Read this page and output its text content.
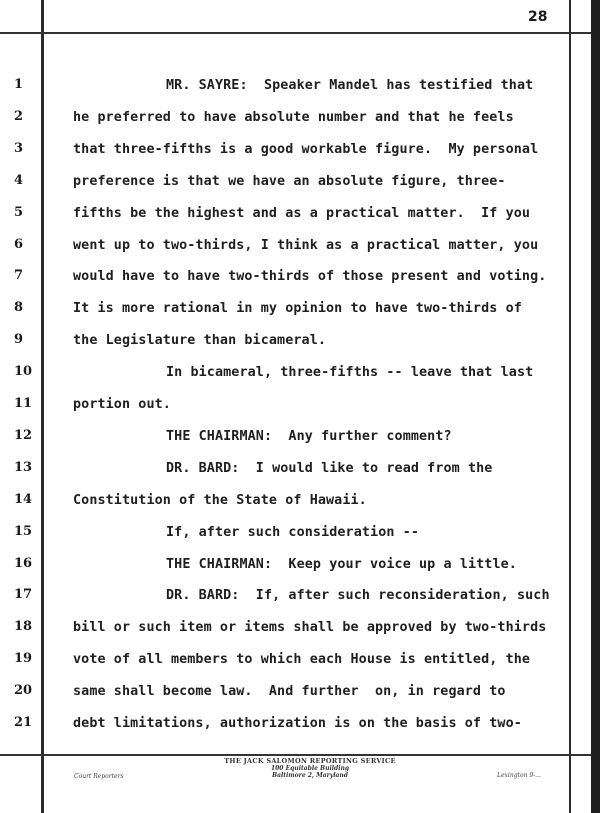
28
1	MR. SAYRE:  Speaker Mandel has testified that
2	he preferred to have absolute number and that he feels
3	that three-fifths is a good workable figure.  My personal
4	preference is that we have an absolute figure, three-
5	fifths be the highest and as a practical matter.  If you
6	went up to two-thirds, I think as a practical matter, you
7	would have to have two-thirds of those present and voting.
8	It is more rational in my opinion to have two-thirds of
9	the Legislature than bicameral.
10	In bicameral, three-fifths -- leave that last
11	portion out.
12	THE CHAIRMAN:  Any further comment?
13	DR. BARD:  I would like to read from the
14	Constitution of the State of Hawaii.
15	If, after such consideration --
16	THE CHAIRMAN:  Keep your voice up a little.
17	DR. BARD:  If, after such reconsideration, such
18	bill or such item or items shall be approved by two-thirds
19	vote of all members to which each House is entitled, the
20	same shall become law.  And further  on, in regard to
21	debt limitations, authorization is on the basis of two-
THE JACK SALOMON REPORTING SERVICE
100 Equitable Building
Baltimore 2, Maryland
Court Reporters	Lexington 9-...
